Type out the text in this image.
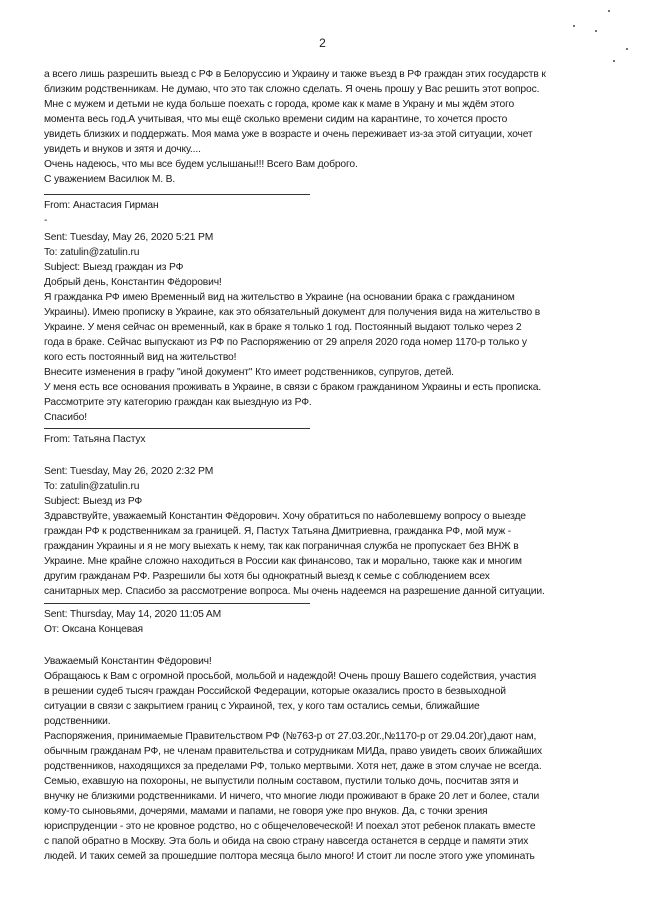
2
а всего лишь разрешить выезд с РФ в Белоруссию и Украину и также въезд в РФ граждан этих государств к
близким родственникам. Не думаю, что это так сложно сделать. Я очень прошу у Вас решить этот вопрос.
Мне с мужем и детьми не куда больше поехать с города, кроме как к маме в Украну и мы ждём этого
момента весь год.А учитывая, что мы ещё сколько времени сидим на карантине, то хочется просто
увидеть близких и поддержать. Моя мама уже в возрасте и очень переживает из-за этой ситуации, хочет
увидеть и внуков и зятя и дочку....
Очень надеюсь, что мы все будем услышаны!!! Всего Вам доброго.
С уважением Василюк М. В.
From: Анастасия Гирман
-
Sent: Tuesday, May 26, 2020 5:21 PM
To: zatulin@zatulin.ru
Subject: Выезд граждан из РФ
Добрый день, Константин Фёдорович!
Я гражданка РФ имею Временный вид на жительство в Украине (на основании брака с гражданином
Украины). Имею прописку в Украине, как это обязательный документ для получения вида на жительство в
Украине. У меня сейчас он временный, как в браке я только 1 год. Постоянный выдают только через 2
года в браке. Сейчас выпускают из РФ по Распоряжению от 29 апреля 2020 года номер 1170-р только у
кого есть постоянный вид на жительство!
Внесите изменения в графу "иной документ" Кто имеет родственников, супругов, детей.
У меня есть все основания проживать в Украине, в связи с браком гражданином Украины и есть прописка.
Рассмотрите эту категорию граждан как выездную из РФ.
Спасибо!
From: Татьяна Пастух
Sent: Tuesday, May 26, 2020 2:32 PM
To: zatulin@zatulin.ru
Subject: Выезд из РФ
Здравствуйте, уважаемый Константин Фёдорович. Хочу обратиться по наболевшему вопросу о выезде
граждан РФ к родственникам за границей. Я, Пастух Татьяна Дмитриевна, гражданка РФ, мой муж -
гражданин Украины и я не могу выехать к нему, так как пограничная служба не пропускает без ВНЖ в
Украине. Мне крайне сложно находиться в России как финансово, так и морально, также как и многим
другим гражданам РФ. Разрешили бы хотя бы однократный выезд к семье с соблюдением всех
санитарных мер. Спасибо за рассмотрение вопроса. Мы очень надеемся на разрешение данной ситуации.
Sent: Thursday, May 14, 2020 11:05 AM
От: Оксана Концевая
Уважаемый Константин Фёдорович!
Обращаюсь к Вам с огромной просьбой, мольбой и надеждой! Очень прошу Вашего содействия, участия
в решении судеб тысяч граждан Российской Федерации, которые оказались просто в безвыходной
ситуации в связи с закрытием границ с Украиной, тех, у кого там остались семьи, ближайшие
родственники.
Распоряжения, принимаемые Правительством РФ (№763-р от 27.03.20г.,№1170-р от 29.04.20г),дают нам,
обычным гражданам РФ, не членам правительства и сотрудникам МИДа, право увидеть своих ближайших
родственников, находящихся за пределами РФ, только мертвыми. Хотя нет, даже в этом случае не всегда.
Семью, ехавшую на похороны, не выпустили полным составом, пустили только дочь, посчитав зятя и
внучку не близкими родственниками. И ничего, что многие люди проживают в браке 20 лет и более, стали
кому-то сыновьями, дочерями, мамами и папами, не говоря уже про внуков. Да, с точки зрения
юриспруденции - это не кровное родство, но с общечеловеческой! И поехал этот ребенок плакать вместе
с папой обратно в Москву. Эта боль и обида на свою страну навсегда останется в сердце и памяти этих
людей. И таких семей за прошедшие полтора месяца было много! И стоит ли после этого уже упоминать
